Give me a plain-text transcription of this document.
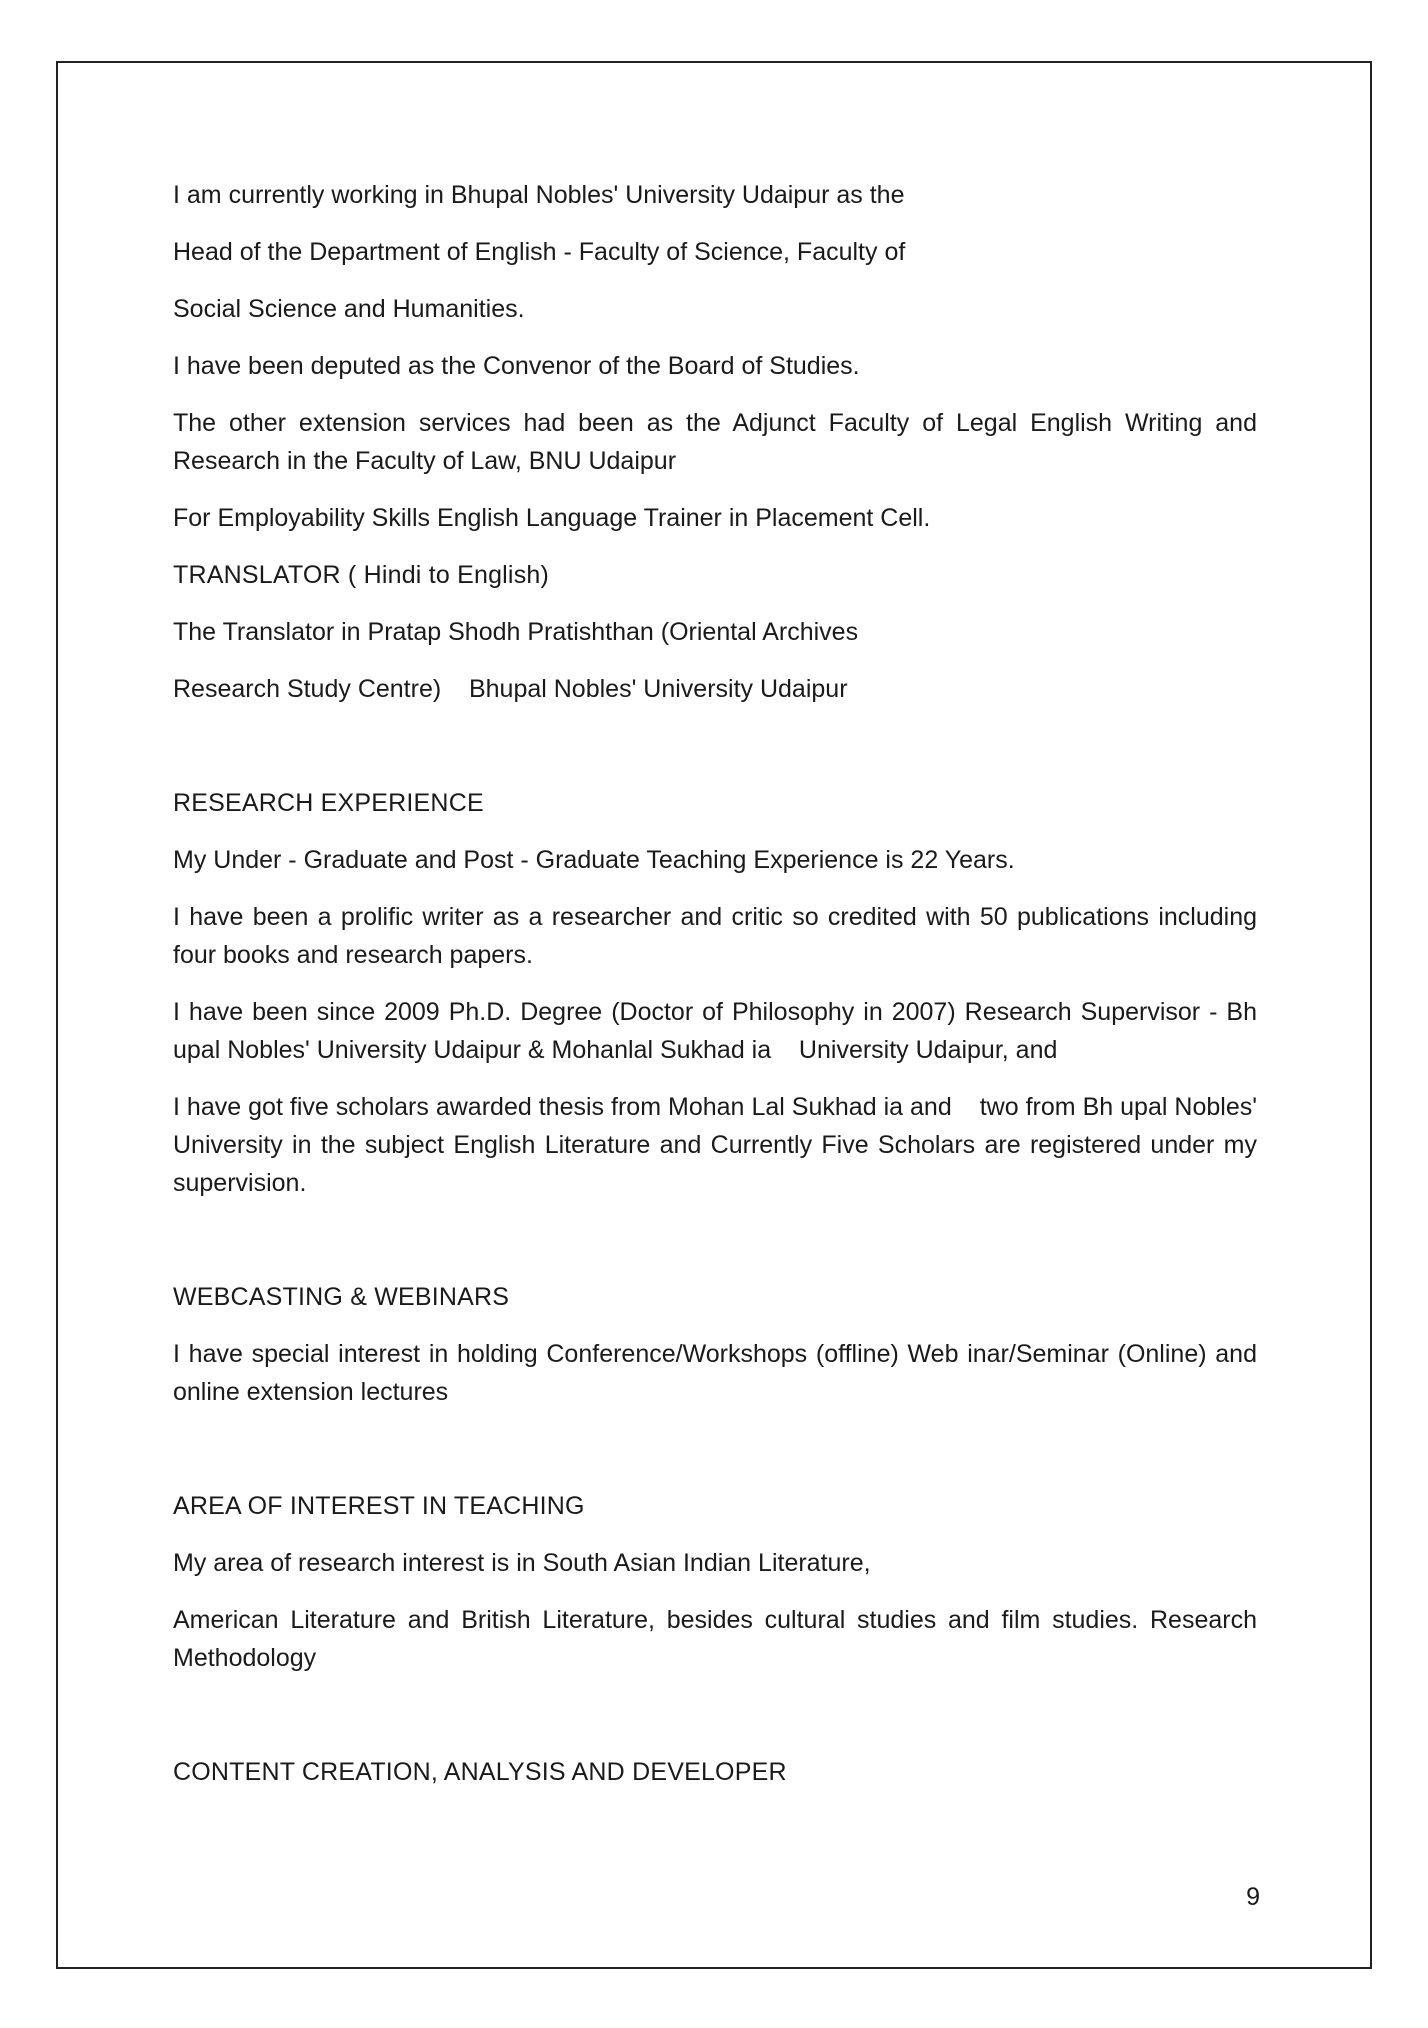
I am currently working in Bhupal Nobles' University Udaipur as the

Head of the Department of English - Faculty of Science, Faculty of

Social Science and Humanities.

I have been deputed as the Convenor of the Board of Studies.

The other extension services had been as the Adjunct Faculty of Legal English Writing and Research in the Faculty of Law, BNU Udaipur

For Employability Skills English Language Trainer in Placement Cell.

TRANSLATOR ( Hindi to English)

The Translator in Pratap Shodh Pratishthan (Oriental Archives

Research Study Centre)    Bhupal Nobles' University Udaipur

RESEARCH EXPERIENCE

My Under - Graduate and Post - Graduate Teaching Experience is 22 Years.

I have been a prolific writer as a researcher and critic so credited with 50 publications including four books and research papers.

I have been since 2009 Ph.D. Degree (Doctor of Philosophy in 2007) Research Supervisor - Bh upal Nobles' University Udaipur & Mohanlal Sukhad ia    University Udaipur, and

I have got five scholars awarded thesis from Mohan Lal Sukhad ia and    two from Bh upal Nobles' University in the subject English Literature and Currently Five Scholars are registered under my supervision.

WEBCASTING & WEBINARS

I have special interest in holding Conference/Workshops (offline) Web inar/Seminar (Online) and online extension lectures

AREA OF INTEREST IN TEACHING

My area of research interest is in South Asian Indian Literature,

American Literature and British Literature, besides cultural studies and film studies. Research Methodology

CONTENT CREATION, ANALYSIS AND DEVELOPER

9
